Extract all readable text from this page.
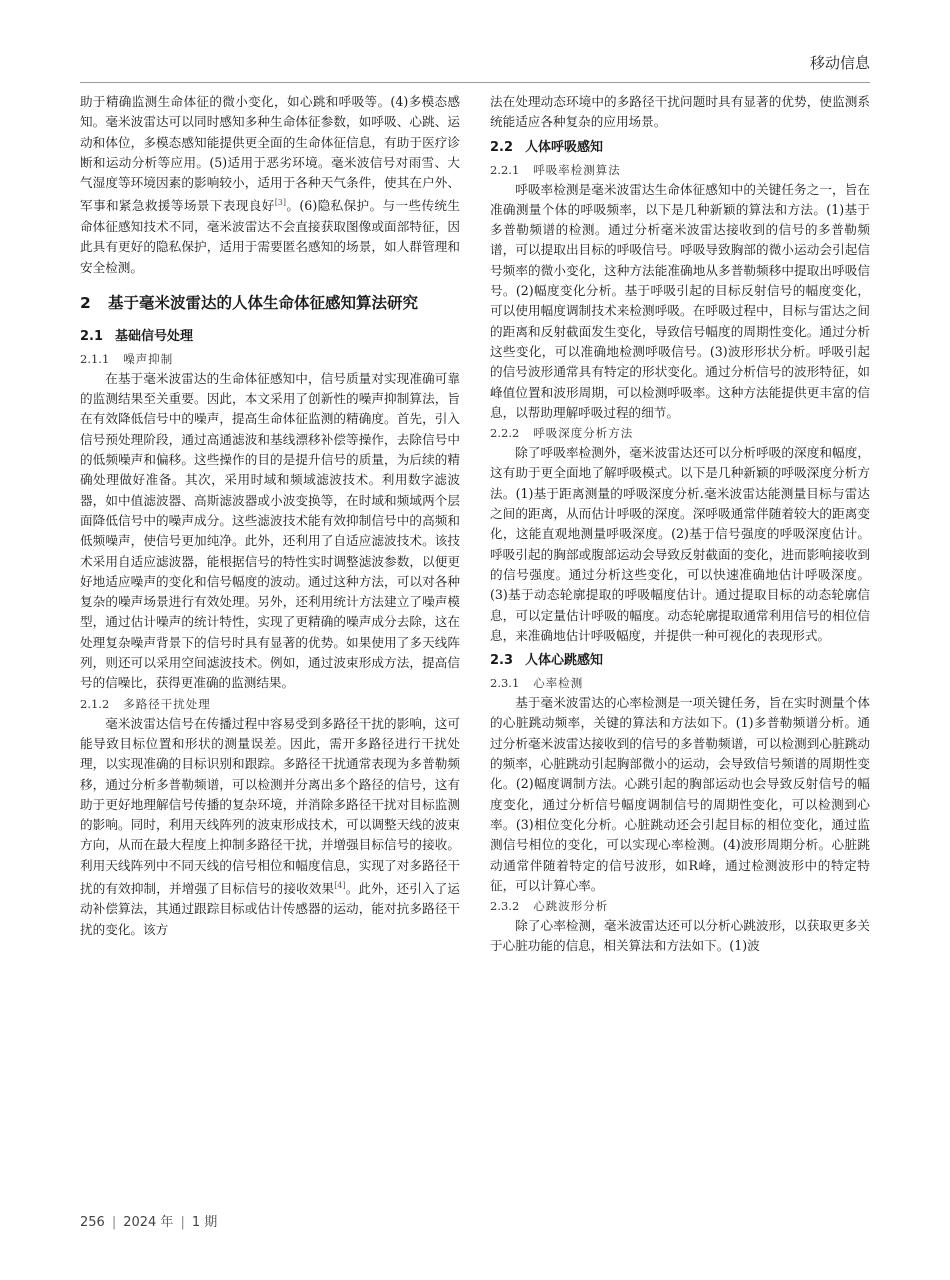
移动信息

助于精确监测生命体征的微小变化，如心跳和呼吸等。(4)多模态感知。毫米波雷达可以同时感知多种生命体征参数，如呼吸、心跳、运动和体位，多模态感知能提供更全面的生命体征信息，有助于医疗诊断和运动分析等应用。(5)适用于恶劣环境。毫米波信号对雨雪、大气湿度等环境因素的影响较小，适用于各种天气条件，使其在户外、军事和紧急救援等场景下表现良好[3]。(6)隐私保护。与一些传统生命体征感知技术不同，毫米波雷达不会直接获取图像或面部特征，因此具有更好的隐私保护，适用于需要匿名感知的场景，如人群管理和安全检测。

2	基于毫米波雷达的人体生命体征感知算法研究
2.1 基础信号处理
2.1.1 噪声抑制

在基于毫米波雷达的生命体征感知中，信号质量对实现准确可靠的监测结果至关重要。因此，本文采用了创新性的噪声抑制算法，旨在有效降低信号中的噪声，提高生命体征监测的精确度。首先，引入信号预处理阶段，通过高通滤波和基线漂移补偿等操作，去除信号中的低频噪声和偏移。这些操作的目的是提升信号的质量，为后续的精确处理做好准备。其次，采用时域和频域滤波技术。利用数字滤波器，如中值滤波器、高斯滤波器或小波变换等，在时域和频域两个层面降低信号中的噪声成分。这些滤波技术能有效抑制信号中的高频和低频噪声，使信号更加纯净。此外，还利用了自适应滤波技术。该技术采用自适应滤波器，能根据信号的特性实时调整滤波参数，以便更好地适应噪声的变化和信号幅度的波动。通过这种方法，可以对各种复杂的噪声场景进行有效处理。另外，还利用统计方法建立了噪声模型，通过估计噪声的统计特性，实现了更精确的噪声成分去除，这在处理复杂噪声背景下的信号时具有显著的优势。如果使用了多天线阵列，则还可以采用空间滤波技术。例如，通过波束形成方法，提高信号的信噪比，获得更准确的监测结果。

2.1.2 多路径干扰处理

毫米波雷达信号在传播过程中容易受到多路径干扰的影响，这可能导致目标位置和形状的测量误差。因此，需开多路径进行干扰处理，以实现准确的目标识别和跟踪。多路径干扰通常表现为多普勒频移，通过分析多普勒频谱，可以检测并分离出多个路径的信号，这有助于更好地理解信号传播的复杂环境，并消除多路径干扰对目标监测的影响。同时，利用天线阵列的波束形成技术，可以调整天线的波束方向，从而在最大程度上抑制多路径干扰，并增强目标信号的接收。利用天线阵列中不同天线的信号相位和幅度信息，实现了对多路径干扰的有效抑制，并增强了目标信号的接收效果[4]。此外，还引入了运动补偿算法，其通过跟踪目标或估计传感器的运动，能对抗多路径干扰的变化。该方

法在处理动态环境中的多路径干扰问题时具有显著的优势，使监测系统能适应各种复杂的应用场景。

2.2 人体呼吸感知
2.2.1 呼吸率检测算法

呼吸率检测是毫米波雷达生命体征感知中的关键任务之一，旨在准确测量个体的呼吸频率，以下是几种新颖的算法和方法。(1)基于多普勒频谱的检测。通过分析毫米波雷达接收到的信号的多普勒频谱，可以提取出目标的呼吸信号。呼吸导致胸部的微小运动会引起信号频率的微小变化，这种方法能准确地从多普勒频移中提取出呼吸信号。(2)幅度变化分析。基于呼吸引起的目标反射信号的幅度变化，可以使用幅度调制技术来检测呼吸。在呼吸过程中，目标与雷达之间的距离和反射截面发生变化，导致信号幅度的周期性变化。通过分析这些变化，可以准确地检测呼吸信号。(3)波形形状分析。呼吸引起的信号波形通常具有特定的形状变化。通过分析信号的波形特征，如峰值位置和波形周期，可以检测呼吸率。这种方法能提供更丰富的信息，以帮助理解呼吸过程的细节。

2.2.2 呼吸深度分析方法

除了呼吸率检测外，毫米波雷达还可以分析呼吸的深度和幅度，这有助于更全面地了解呼吸模式。以下是几种新颖的呼吸深度分析方法。(1)基于距离测量的呼吸深度分析.毫米波雷达能测量目标与雷达之间的距离，从而估计呼吸的深度。深呼吸通常伴随着较大的距离变化，这能直观地测量呼吸深度。(2)基于信号强度的呼吸深度估计。呼吸引起的胸部或腹部运动会导致反射截面的变化，进而影响接收到的信号强度。通过分析这些变化，可以快速准确地估计呼吸深度。(3)基于动态轮廓提取的呼吸幅度估计。通过提取目标的动态轮廓信息，可以定量估计呼吸的幅度。动态轮廓提取通常利用信号的相位信息，来准确地估计呼吸幅度，并提供一种可视化的表现形式。

2.3 人体心跳感知
2.3.1 心率检测

基于毫米波雷达的心率检测是一项关键任务，旨在实时测量个体的心脏跳动频率，关键的算法和方法如下。(1)多普勒频谱分析。通过分析毫米波雷达接收到的信号的多普勒频谱，可以检测到心脏跳动的频率，心脏跳动引起胸部微小的运动，会导致信号频谱的周期性变化。(2)幅度调制方法。心跳引起的胸部运动也会导致反射信号的幅度变化，通过分析信号幅度调制信号的周期性变化，可以检测到心率。(3)相位变化分析。心脏跳动还会引起目标的相位变化，通过监测信号相位的变化，可以实现心率检测。(4)波形周期分析。心脏跳动通常伴随着特定的信号波形，如R峰，通过检测波形中的特定特征，可以计算心率。

2.3.2 心跳波形分析

除了心率检测，毫米波雷达还可以分析心跳波形，以获取更多关于心脏功能的信息，相关算法和方法如下。(1)波

256 | 2024 年 | 1 期
